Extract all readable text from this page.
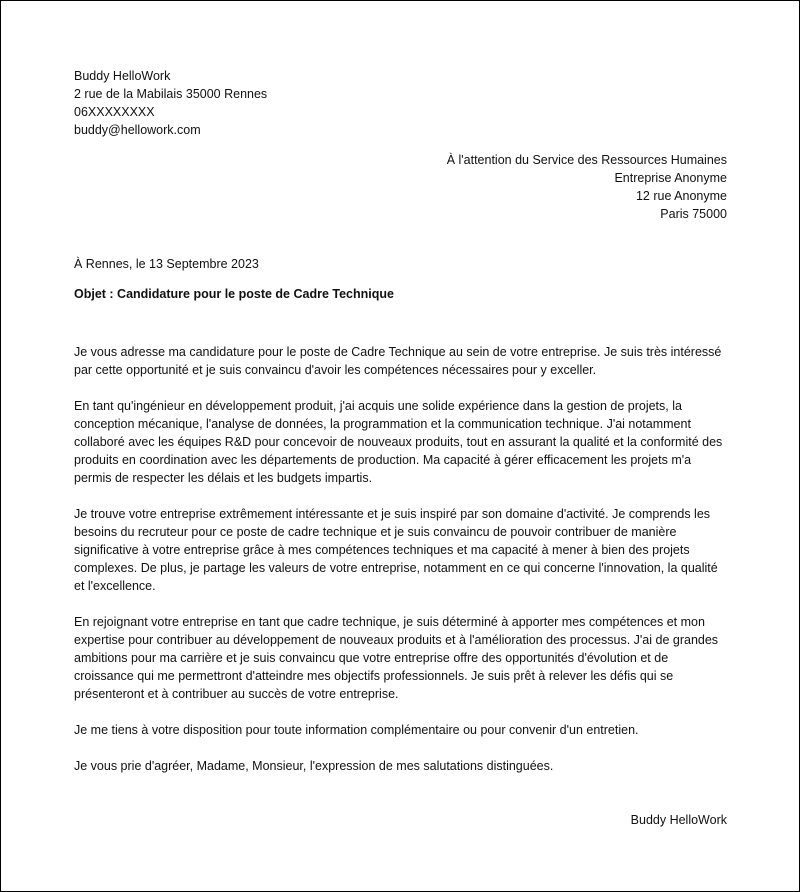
Buddy HelloWork
2 rue de la Mabilais 35000 Rennes
06XXXXXXXX
buddy@hellowork.com
À l'attention du Service des Ressources Humaines
Entreprise Anonyme
12 rue Anonyme
Paris 75000
À Rennes, le 13 Septembre 2023
Objet : Candidature pour le poste de Cadre Technique

Je vous adresse ma candidature pour le poste de Cadre Technique au sein de votre entreprise. Je suis très intéressé par cette opportunité et je suis convaincu d'avoir les compétences nécessaires pour y exceller.

En tant qu'ingénieur en développement produit, j'ai acquis une solide expérience dans la gestion de projets, la conception mécanique, l'analyse de données, la programmation et la communication technique. J'ai notamment collaboré avec les équipes R&D pour concevoir de nouveaux produits, tout en assurant la qualité et la conformité des produits en coordination avec les départements de production. Ma capacité à gérer efficacement les projets m'a permis de respecter les délais et les budgets impartis.

Je trouve votre entreprise extrêmement intéressante et je suis inspiré par son domaine d'activité. Je comprends les besoins du recruteur pour ce poste de cadre technique et je suis convaincu de pouvoir contribuer de manière significative à votre entreprise grâce à mes compétences techniques et ma capacité à mener à bien des projets complexes. De plus, je partage les valeurs de votre entreprise, notamment en ce qui concerne l'innovation, la qualité et l'excellence.

En rejoignant votre entreprise en tant que cadre technique, je suis déterminé à apporter mes compétences et mon expertise pour contribuer au développement de nouveaux produits et à l'amélioration des processus. J'ai de grandes ambitions pour ma carrière et je suis convaincu que votre entreprise offre des opportunités d'évolution et de croissance qui me permettront d'atteindre mes objectifs professionnels. Je suis prêt à relever les défis qui se présenteront et à contribuer au succès de votre entreprise.

Je me tiens à votre disposition pour toute information complémentaire ou pour convenir d'un entretien.

Je vous prie d'agréer, Madame, Monsieur, l'expression de mes salutations distinguées.

Buddy HelloWork
